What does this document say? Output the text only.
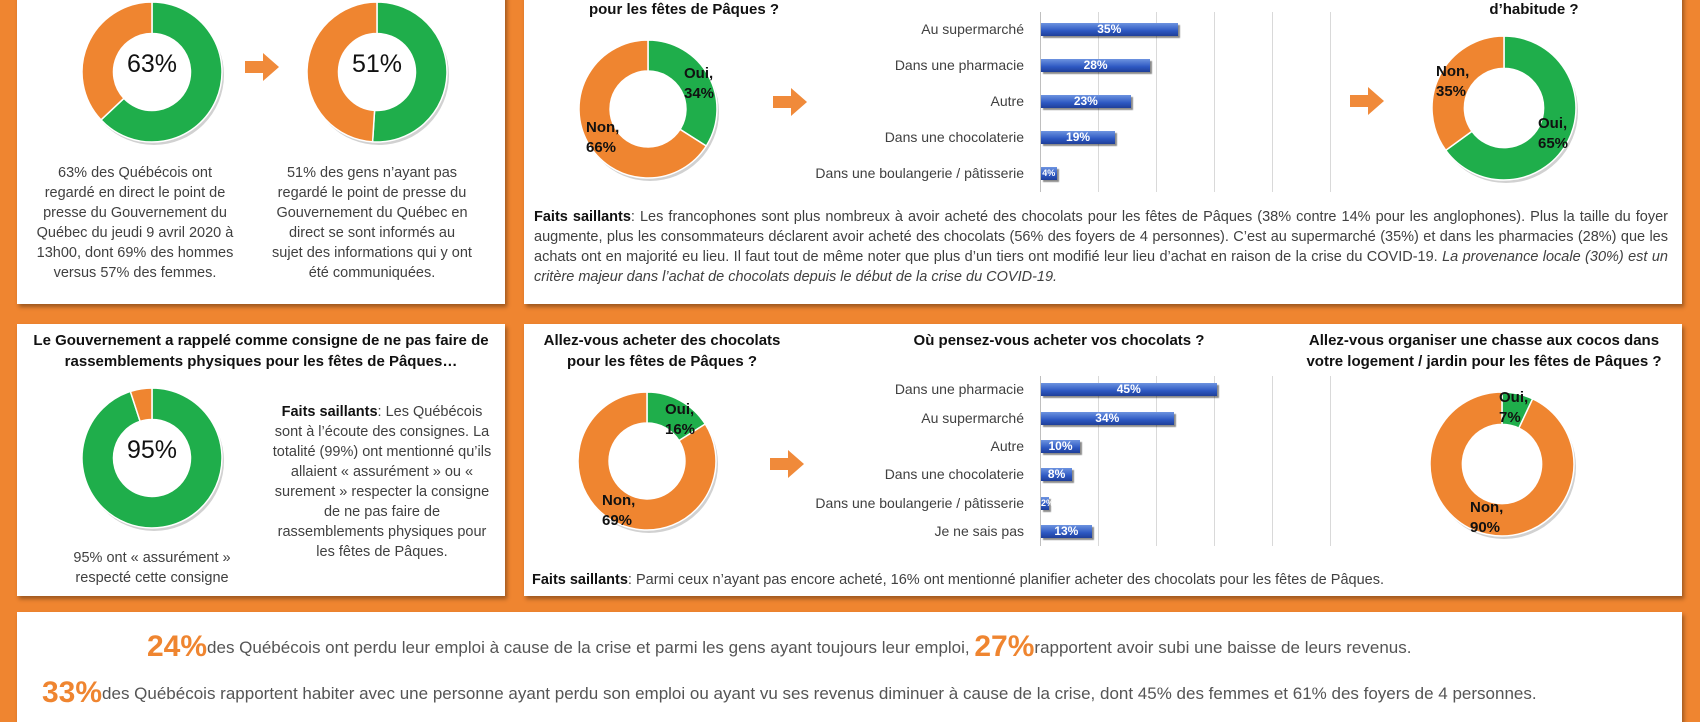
63%	51%
63% des Québécois ont regardé en direct le point de presse du Gouvernement du Québec du jeudi 9 avril 2020 à 13h00, dont 69% des hommes versus 57% des femmes.
51% des gens n’ayant pas regardé le point de presse du Gouvernement du Québec en direct se sont informés au sujet des informations qui y ont été communiquées.
pour les fêtes de Pâques ?	d’habitude ?
Oui,
34%
Non,
66%
35%
28%
23%
19%
4%
Au supermarché
Dans une pharmacie
Autre
Dans une chocolaterie
Dans une boulangerie / pâtisserie
Non,
35%
Oui,
65%
Faits saillants: Les francophones sont plus nombreux à avoir acheté des chocolats pour les fêtes de Pâques (38% contre 14% pour les anglophones). Plus la taille du foyer augmente, plus les consommateurs déclarent avoir acheté des chocolats (56% des foyers de 4 personnes). C’est au supermarché (35%) et dans les pharmacies (28%) que les achats ont en majorité eu lieu. Il faut tout de même noter que plus d’un tiers ont modifié leur lieu d’achat en raison de la crise du COVID-19. La provenance locale (30%) est un critère majeur dans l’achat de chocolats depuis le début de la crise du COVID-19.
Le Gouvernement a rappelé comme consigne de ne pas faire de rassemblements physiques pour les fêtes de Pâques…
95%
95% ont « assurément » respecté cette consigne
Faits saillants: Les Québécois sont à l’écoute des consignes. La totalité (99%) ont mentionné qu’ils allaient « assurément » ou « surement » respecter la consigne de ne pas faire de rassemblements physiques pour les fêtes de Pâques.
Allez-vous acheter des chocolats pour les fêtes de Pâques ?
Où pensez-vous acheter vos chocolats ?	Allez-vous organiser une chasse aux cocos dans votre logement / jardin pour les fêtes de Pâques ?
Oui,
16%
Non,
69%
45%
34%
10%
8%
2%
13%
Dans une pharmacie
Au supermarché
Autre
Dans une chocolaterie
Dans une boulangerie / pâtisserie
Je ne sais pas
Oui,
7%
Non,
90%
Faits saillants: Parmi ceux n’ayant pas encore acheté, 16% ont mentionné planifier acheter des chocolats pour les fêtes de Pâques.
24%des Québécois ont perdu leur emploi à cause de la crise et parmi les gens ayant toujours leur emploi, 27%rapportent avoir subi une baisse de leurs revenus.
33%des Québécois rapportent habiter avec une personne ayant perdu son emploi ou ayant vu ses revenus diminuer à cause de la crise, dont 45% des femmes et 61% des foyers de 4 personnes.
